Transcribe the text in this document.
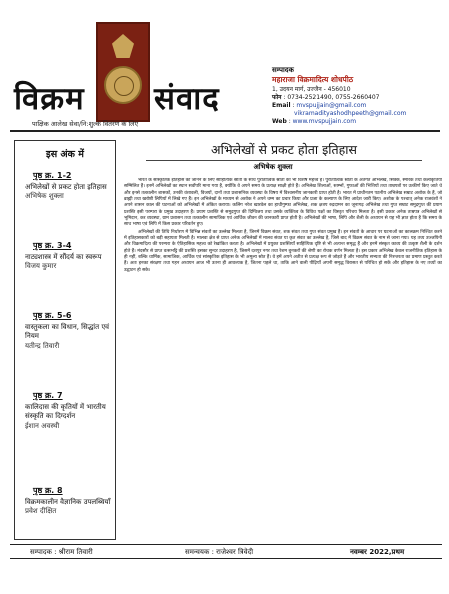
विक्रम संवाद
पाक्षिक आलेख सेवा/नि:शुल्क वितरण के लिए
सम्पादक
महाराजा विक्रमादित्य शोधपीठ
1, उदयन मार्ग, उज्जैन - 456010
फोन : 0734-2521490, 0755-2660407
Email : mvspujjain@gmail.com
vikramadityashodhpeeth@gmail.com
Web : www.mvspujjain.com
इस अंक में
पृष्ठ क्र. 1-2
अभिलेखों से प्रकट होता इतिहास
अभिषेक शुक्ला
पृष्ठ क्र. 3-4
नाट्यशास्त्र में सौंदर्य का स्वरूप
विजय कुमार
पृष्ठ क्र. 5-6
वास्तुकला का विधान, सिद्धांत एवं नियम
यतीन्द्र तिवारी
पृष्ठ क्र. 7
कालिदास की कृतियों में भारतीय संस्कृति का दिग्दर्शन
ईशान अवस्थी
पृष्ठ क्र. 8
विक्रमकालीन वैज्ञानिक उपलब्धियाँ
प्रवेश दीक्षित
अभिलेखों से प्रकट होता इतिहास
अभिषेक शुक्ला

भारत के सांस्कृतिक इतिहास को जानने के लिए साहित्यिक स्रोतों के साथ पुरातात्विक स्रोतों का भी विशेष महत्त्व है। पुरातात्विक स्रोतों के अंतर्गत अभिलेख, सिक्के, स्मारक तथा कलाकृतियाँ सम्मिलित हैं। इनमें अभिलेखों का स्थान सर्वोपरि माना गया है, क्योंकि वे अपने समय के प्रत्यक्ष साक्षी होते हैं। अभिलेख शिलाओं, स्तम्भों, गुफाओं की भित्तियों तथा ताम्रपत्रों पर उत्कीर्ण किए जाते थे और इनसे तत्कालीन शासकों, उनकी वंशावली, विजयों, दानों तथा प्रशासनिक व्यवस्था के विषय में विश्वसनीय जानकारी प्राप्त होती है। भारत में प्राचीनतम पठनीय अभिलेख सम्राट अशोक के हैं, जो ब्राह्मी तथा खरोष्ठी लिपियों में लिखे गए हैं। इन अभिलेखों के माध्यम से अशोक ने अपने धम्म का प्रचार किया और प्रजा के कल्याण के लिए आदेश जारी किए। अशोक के पश्चात् अनेक राजवंशों ने अपने शासन काल की घटनाओं को अभिलेखों में अंकित कराया। कलिंग नरेश खारवेल का हाथीगुम्फा अभिलेख, शक क्षत्रप रुद्रदामन का जूनागढ़ अभिलेख तथा गुप्त सम्राट समुद्रगुप्त की प्रयाग प्रशस्ति इसी परम्परा के प्रमुख उदाहरण हैं। प्रयाग प्रशस्ति से समुद्रगुप्त की दिग्विजय तथा उसके व्यक्तित्व के विविध पक्षों का विस्तृत परिचय मिलता है। इसी प्रकार अनेक ताम्रपत्र अभिलेखों से भूमिदान, कर व्यवस्था, ग्राम प्रशासन तथा तत्कालीन सामाजिक एवं आर्थिक जीवन की जानकारी प्राप्त होती है। अभिलेखों की भाषा, लिपि और शैली के अध्ययन से यह भी ज्ञात होता है कि समय के साथ भाषा एवं लिपि में किस प्रकार परिवर्तन हुए।

अभिलेखों की तिथि निर्धारण में विभिन्न संवतों का उल्लेख मिलता है, जिनमें विक्रम संवत, शक संवत तथा गुप्त संवत प्रमुख हैं। इन संवतों के आधार पर घटनाओं का कालक्रम निश्चित करने में इतिहासकारों को बड़ी सहायता मिलती है। मालवा क्षेत्र से प्राप्त अनेक अभिलेखों में मालव संवत या कृत संवत का उल्लेख है, जिसे बाद में विक्रम संवत के नाम से जाना गया। यह तथ्य उज्जयिनी और विक्रमादित्य की परम्परा के ऐतिहासिक महत्त्व को रेखांकित करता है। अभिलेखों में प्रयुक्त प्रशस्तियाँ साहित्यिक दृष्टि से भी अत्यन्त समृद्ध हैं और इनमें संस्कृत काव्य की उत्कृष्ट शैली के दर्शन होते हैं। मंदसौर से प्राप्त वत्सभट्टि की प्रशस्ति इसका सुन्दर उदाहरण है, जिसमें दशपुर नगर तथा रेशम बुनकरों की श्रेणी का रोचक वर्णन मिलता है। इस प्रकार अभिलेख केवल राजनीतिक इतिहास के ही नहीं, बल्कि धार्मिक, सामाजिक, आर्थिक एवं सांस्कृतिक इतिहास के भी अमूल्य स्रोत हैं। वे हमें अपने अतीत से प्रत्यक्ष रूप से जोड़ते हैं और भारतीय सभ्यता की निरन्तरता का प्रमाण प्रस्तुत करते हैं। अतः इनका संरक्षण तथा गहन अध्ययन आज भी उतना ही आवश्यक है, जितना पहले था, ताकि आने वाली पीढ़ियाँ अपनी समृद्ध विरासत से परिचित हो सकें और इतिहास के नए तथ्यों का उद्घाटन हो सके।

सम्पादक : श्रीराम तिवारी	समन्वयक : राजेश्वर त्रिवेदी	नवम्बर 2022,प्रथम
